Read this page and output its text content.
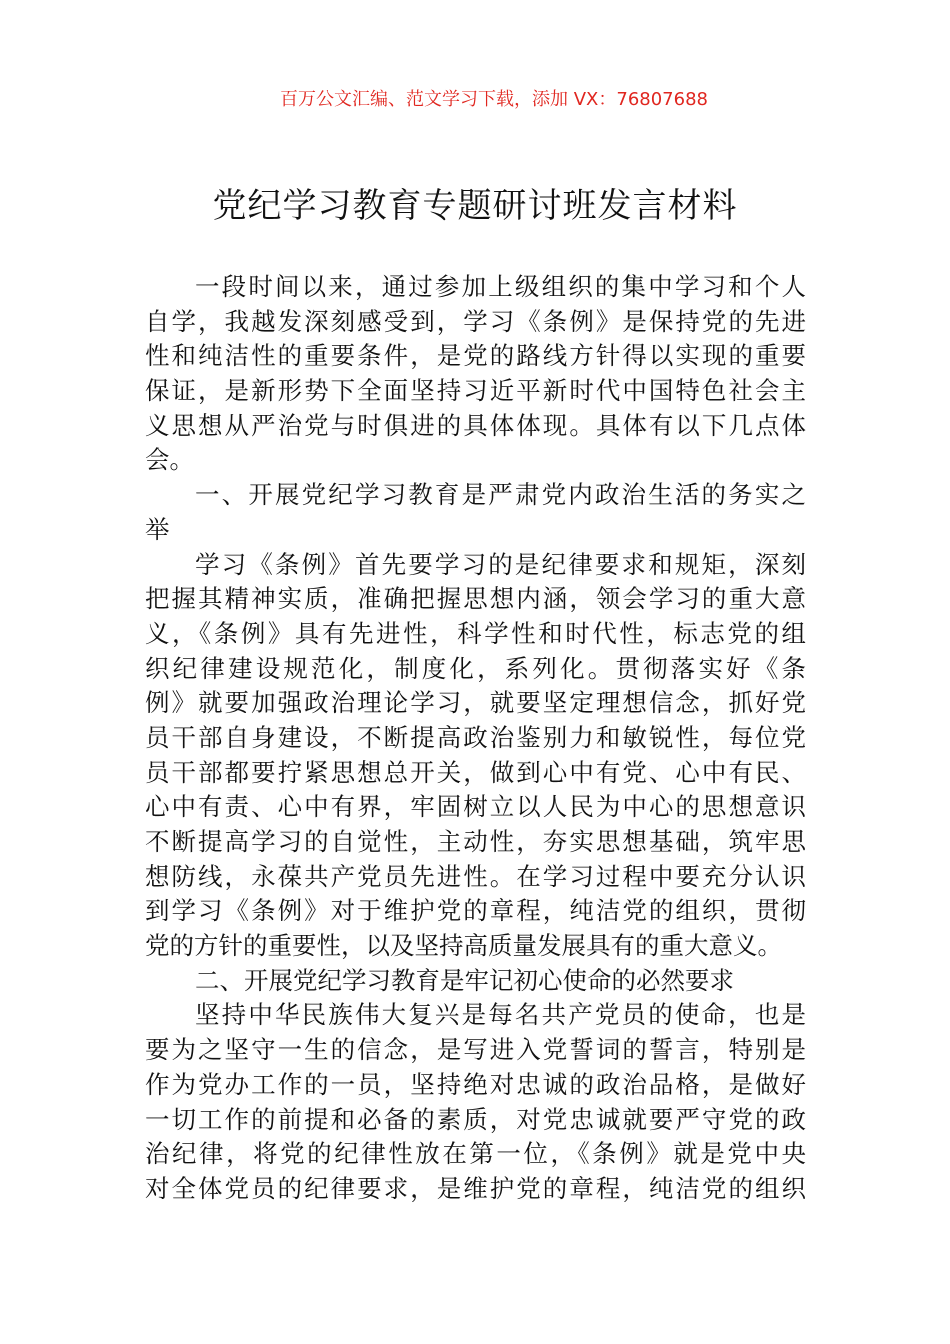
百万公文汇编、范文学习下载，添加 VX：76807688
党纪学习教育专题研讨班发言材料
一段时间以来，通过参加上级组织的集中学习和个人
自学，我越发深刻感受到，学习《条例》是保持党的先进
性和纯洁性的重要条件，是党的路线方针得以实现的重要
保证，是新形势下全面坚持习近平新时代中国特色社会主
义思想从严治党与时俱进的具体体现。具体有以下几点体
会。
一、开展党纪学习教育是严肃党内政治生活的务实之
举
学习《条例》首先要学习的是纪律要求和规矩，深刻
把握其精神实质，准确把握思想内涵，领会学习的重大意
义，《条例》具有先进性，科学性和时代性，标志党的组
织纪律建设规范化，制度化，系列化。贯彻落实好《条
例》就要加强政治理论学习，就要坚定理想信念，抓好党
员干部自身建设，不断提高政治鉴别力和敏锐性，每位党
员干部都要拧紧思想总开关，做到心中有党、心中有民、
心中有责、心中有界，牢固树立以人民为中心的思想意识
不断提高学习的自觉性，主动性，夯实思想基础，筑牢思
想防线，永葆共产党员先进性。在学习过程中要充分认识
到学习《条例》对于维护党的章程，纯洁党的组织，贯彻
党的方针的重要性，以及坚持高质量发展具有的重大意义。
二、开展党纪学习教育是牢记初心使命的必然要求
坚持中华民族伟大复兴是每名共产党员的使命，也是
要为之坚守一生的信念，是写进入党誓词的誓言，特别是
作为党办工作的一员，坚持绝对忠诚的政治品格，是做好
一切工作的前提和必备的素质，对党忠诚就要严守党的政
治纪律，将党的纪律性放在第一位，《条例》就是党中央
对全体党员的纪律要求，是维护党的章程，纯洁党的组织
